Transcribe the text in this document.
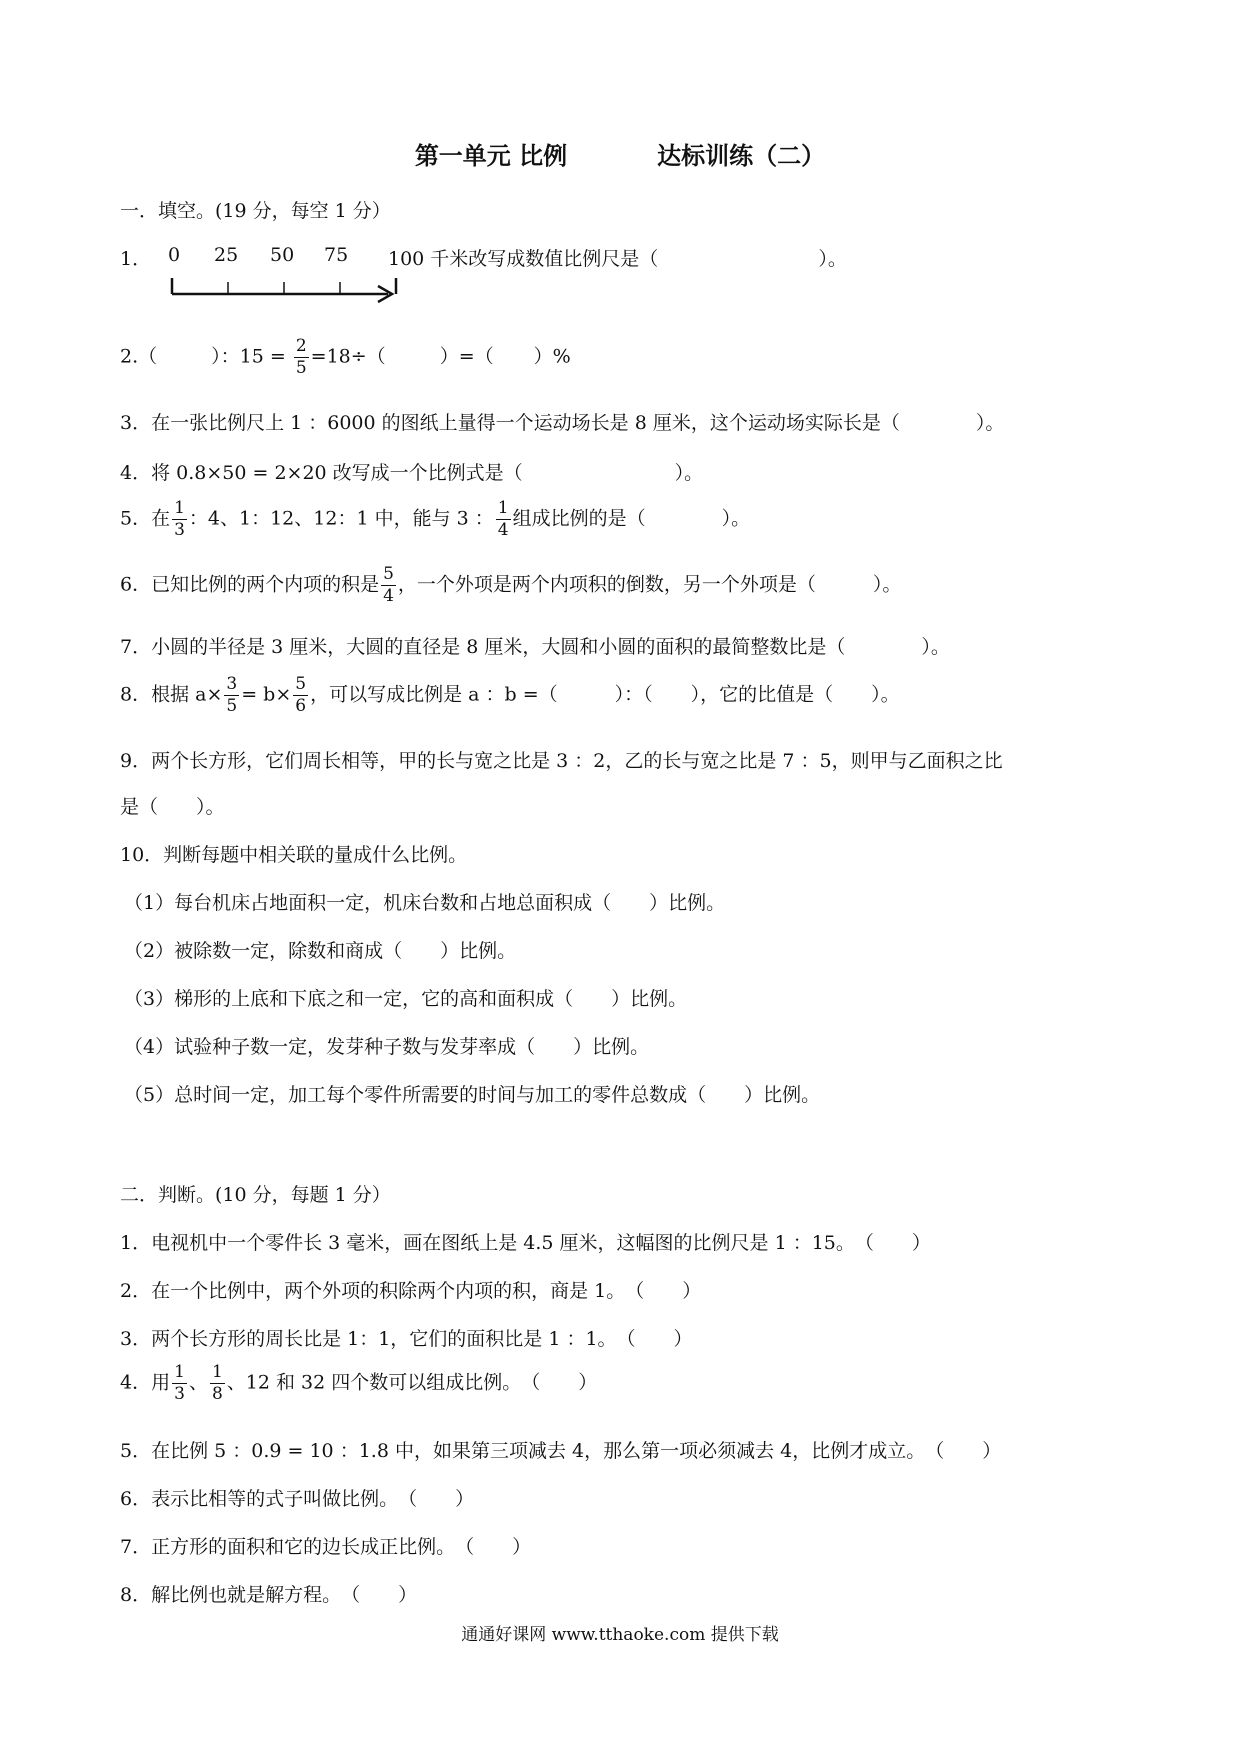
第一单元 比例	达标训练（二）
一．填空。(19 分，每空 1 分）
1． 0 25 50 75 100 千米改写成数值比例尺是（	）。
2.（	）：$15 = \frac{2}{5} =18\div$（	）=（ ）%
3．在一张比例尺上 1 ：6000 的图纸上量得一个运动场长是 8 厘米，这个运动场实际长是（　　　　）。
4．将 0.8×50 = 2×20 改写成一个比例式是（　　　　　　　　）。
5．在 $\frac{1}{3}$ ：4、1：12、12：1 中，能与 3 ： $\frac{1}{4}$ 组成比例的是（　　　　）。
6．已知比例的两个内项的积是 $\frac{5}{4}$ ，一个外项是两个内项积的倒数，另一个外项是（　　　）。
7．小圆的半径是 3 厘米，大圆的直径是 8 厘米，大圆和小圆的面积的最简整数比是（　　　　）。
8．根据 $a\times \frac{3}{5} = b\times \frac{5}{6}$ ，可以写成比例是 a ：b =（　　　）：（　　），它的比值是（　　）。
9．两个长方形，它们周长相等，甲的长与宽之比是 3 ：2，乙的长与宽之比是 7 ：5，则甲与乙面积之比
是（　　）。
10．判断每题中相关联的量成什么比例。
（1）每台机床占地面积一定，机床台数和占地总面积成（　　）比例。
（2）被除数一定，除数和商成（　　）比例。
（3）梯形的上底和下底之和一定，它的高和面积成（　　）比例。
（4）试验种子数一定，发芽种子数与发芽率成（　　）比例。
（5）总时间一定，加工每个零件所需要的时间与加工的零件总数成（　　）比例。
二．判断。(10 分，每题 1 分）
1．电视机中一个零件长 3 毫米，画在图纸上是 4.5 厘米，这幅图的比例尺是 1 ：15。　（　　）
2．在一个比例中，两个外项的积除两个内项的积，商是 1。　（　　）
3．两个长方形的周长比是 1：1，它们的面积比是 1 ：1。　（　　）
4．用 $\frac{1}{3}$ 、 $\frac{1}{8}$ 、12 和 32 四个数可以组成比例。　（　　）
5．在比例 5 ：0.9 = 10 ：1.8 中，如果第三项减去 4，那么第一项必须减去 4，比例才成立。　（　　）
6．表示比相等的式子叫做比例。　（　　）
7．正方形的面积和它的边长成正比例。　（　　）
8．解比例也就是解方程。　（　　）
通通好课网 www.tthaoke.com 提供下载
